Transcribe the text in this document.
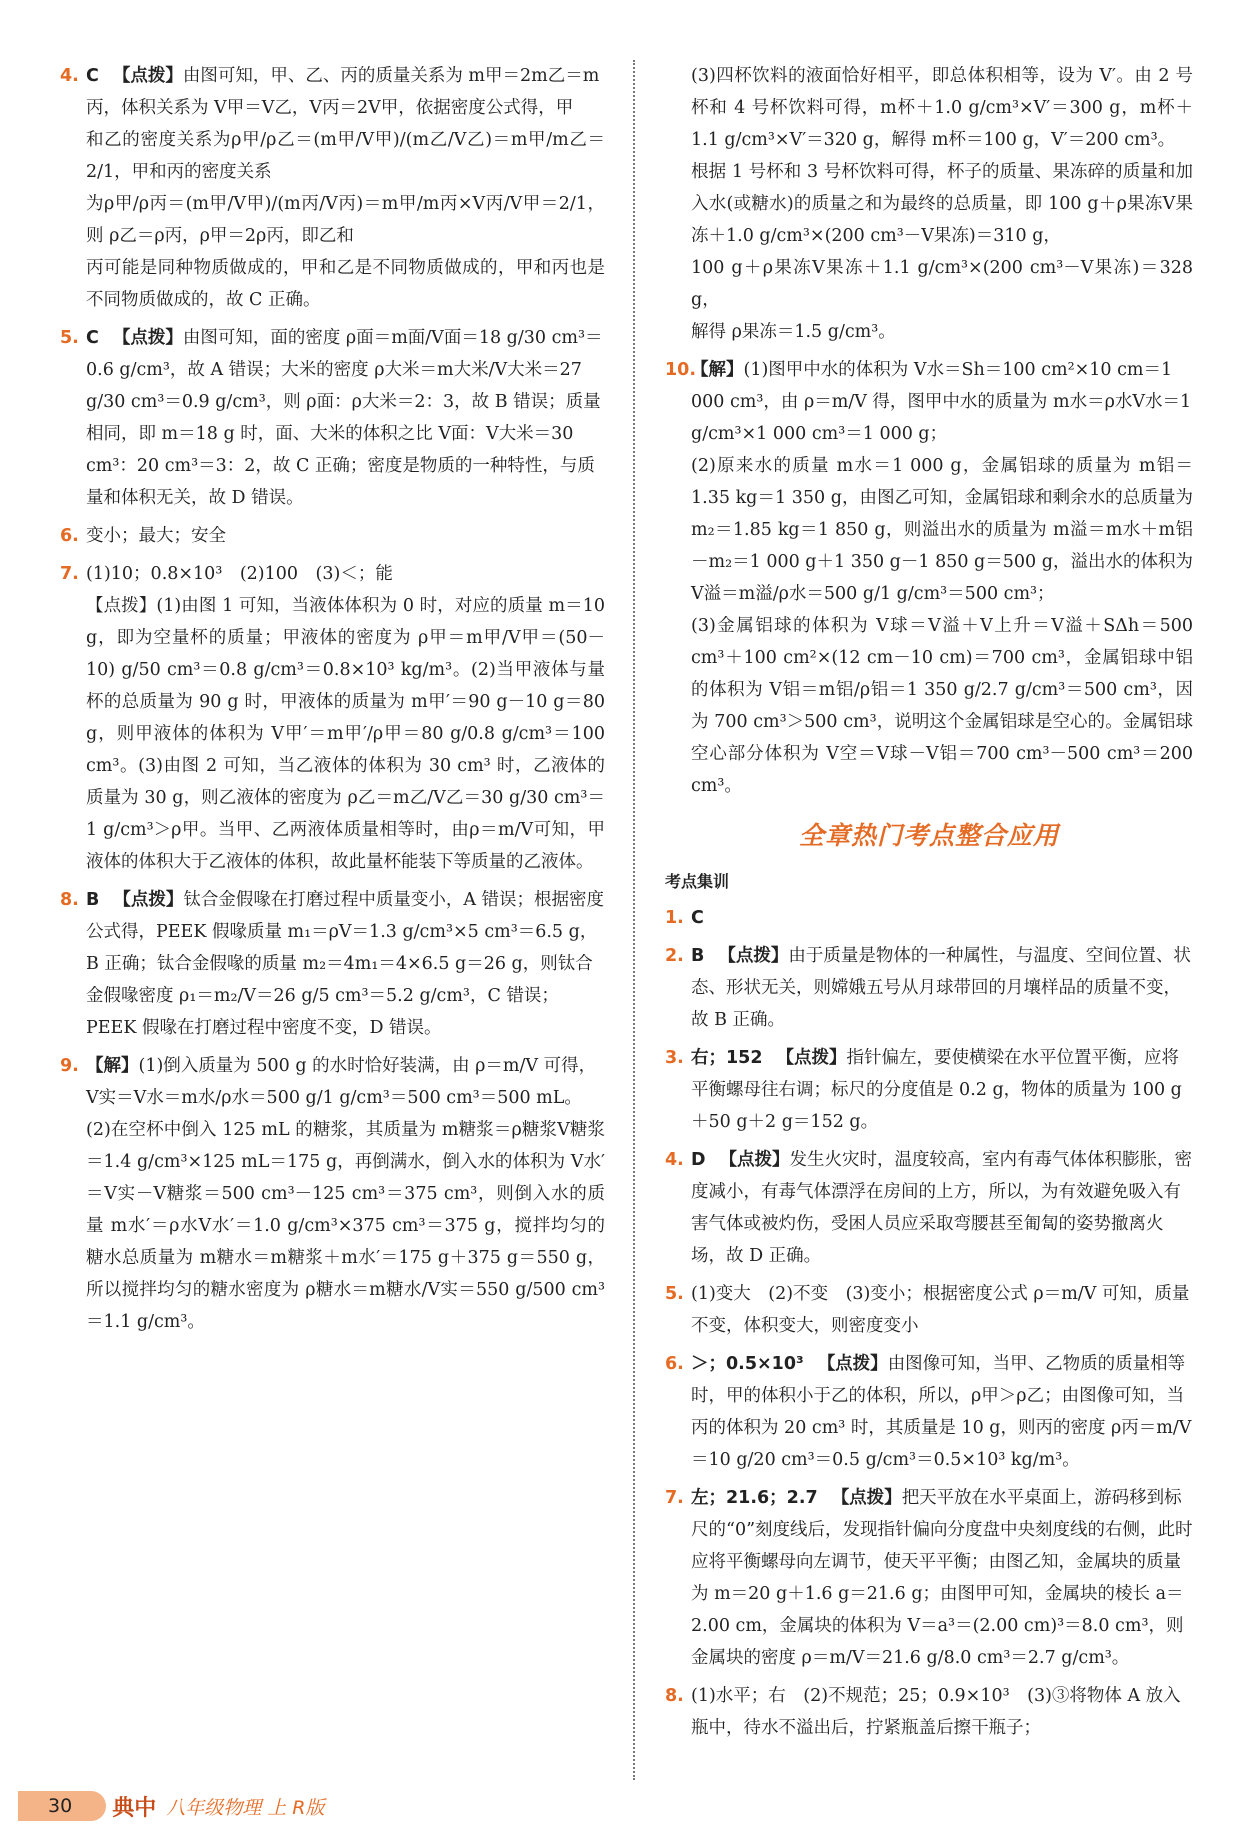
4. C 【点拨】由图可知，甲、乙、丙的质量关系为 m甲＝2m乙＝m丙，体积关系为 V甲＝V乙，V丙＝2V甲，依据密度公式得，甲
和乙的密度关系为ρ甲/ρ乙＝(m甲/V甲)/(m乙/V乙)＝m甲/m乙＝2/1，甲和丙的密度关系
为ρ甲/ρ丙＝(m甲/V甲)/(m丙/V丙)＝m甲/m丙×V丙/V甲＝2/1，则 ρ乙＝ρ丙，ρ甲＝2ρ丙，即乙和
丙可能是同种物质做成的，甲和乙是不同物质做成的，甲和丙也是不同物质做成的，故 C 正确。
5. C 【点拨】由图可知，面的密度 ρ面＝m面/V面＝18 g/30 cm³＝0.6 g/cm³，故 A 错误；大米的密度 ρ大米＝m大米/V大米＝27 g/30 cm³＝0.9 g/cm³，则 ρ面：ρ大米＝2：3，故 B 错误；质量相同，即 m＝18 g 时，面、大米的体积之比 V面：V大米＝30 cm³：20 cm³＝3：2，故 C 正确；密度是物质的一种特性，与质量和体积无关，故 D 错误。
6. 变小；最大；安全
7. (1)10；0.8×10³　(2)100　(3)＜；能
【点拨】(1)由图 1 可知，当液体体积为 0 时，对应的质量 m＝10 g，即为空量杯的质量；甲液体的密度为 ρ甲＝m甲/V甲＝(50－10) g/50 cm³＝0.8 g/cm³＝0.8×10³ kg/m³。(2)当甲液体与量杯的总质量为 90 g 时，甲液体的质量为 m甲′＝90 g－10 g＝80 g，则甲液体的体积为 V甲′＝m甲′/ρ甲＝80 g/0.8 g/cm³＝100 cm³。(3)由图 2 可知，当乙液体的体积为 30 cm³ 时，乙液体的质量为 30 g，则乙液体的密度为 ρ乙＝m乙/V乙＝30 g/30 cm³＝1 g/cm³＞ρ甲。当甲、乙两液体质量相等时，由ρ＝m/V可知，甲液体的体积大于乙液体的体积，故此量杯能装下等质量的乙液体。
8. B 【点拨】钛合金假喙在打磨过程中质量变小，A 错误；根据密度公式得，PEEK 假喙质量 m₁＝ρV＝1.3 g/cm³×5 cm³＝6.5 g，B 正确；钛合金假喙的质量 m₂＝4m₁＝4×6.5 g＝26 g，则钛合金假喙密度 ρ₁＝m₂/V＝26 g/5 cm³＝5.2 g/cm³，C 错误；PEEK 假喙在打磨过程中密度不变，D 错误。
9. 【解】(1)倒入质量为 500 g 的水时恰好装满，由 ρ＝m/V 可得，V实＝V水＝m水/ρ水＝500 g/1 g/cm³＝500 cm³＝500 mL。
(2)在空杯中倒入 125 mL 的糖浆，其质量为 m糖浆＝ρ糖浆V糖浆＝1.4 g/cm³×125 mL＝175 g，再倒满水，倒入水的体积为 V水′＝V实－V糖浆＝500 cm³－125 cm³＝375 cm³，则倒入水的质量 m水′＝ρ水V水′＝1.0 g/cm³×375 cm³＝375 g，搅拌均匀的糖水总质量为 m糖水＝m糖浆＋m水′＝175 g＋375 g＝550 g，所以搅拌均匀的糖水密度为 ρ糖水＝m糖水/V实＝550 g/500 cm³＝1.1 g/cm³。
(3)四杯饮料的液面恰好相平，即总体积相等，设为 V′。由 2 号杯和 4 号杯饮料可得，m杯＋1.0 g/cm³×V′＝300 g，m杯＋1.1 g/cm³×V′＝320 g，解得 m杯＝100 g，V′＝200 cm³。
根据 1 号杯和 3 号杯饮料可得，杯子的质量、果冻碎的质量和加入水(或糖水)的质量之和为最终的总质量，即 100 g＋ρ果冻V果冻＋1.0 g/cm³×(200 cm³－V果冻)＝310 g，
100 g＋ρ果冻V果冻＋1.1 g/cm³×(200 cm³－V果冻)＝328 g，
解得 ρ果冻＝1.5 g/cm³。
10.
【解】(1)图甲中水的体积为 V水＝Sh＝100 cm²×10 cm＝1 000 cm³，由 ρ＝m/V 得，图甲中水的质量为 m水＝ρ水V水＝1 g/cm³×1 000 cm³＝1 000 g；
(2)原来水的质量 m水＝1 000 g，金属铝球的质量为 m铝＝1.35 kg＝1 350 g，由图乙可知，金属铝球和剩余水的总质量为 m₂＝1.85 kg＝1 850 g，则溢出水的质量为 m溢＝m水＋m铝－m₂＝1 000 g＋1 350 g－1 850 g＝500 g，溢出水的体积为 V溢＝m溢/ρ水＝500 g/1 g/cm³＝500 cm³；
(3)金属铝球的体积为 V球＝V溢＋V上升＝V溢＋SΔh＝500 cm³＋100 cm²×(12 cm－10 cm)＝700 cm³，金属铝球中铝的体积为 V铝＝m铝/ρ铝＝1 350 g/2.7 g/cm³＝500 cm³，因为 700 cm³＞500 cm³，说明这个金属铝球是空心的。金属铝球空心部分体积为 V空＝V球－V铝＝700 cm³－500 cm³＝200 cm³。
全章热门考点整合应用
考点集训
1. C
2. B 【点拨】由于质量是物体的一种属性，与温度、空间位置、状态、形状无关，则嫦娥五号从月球带回的月壤样品的质量不变，故 B 正确。
3. 右；152 【点拨】指针偏左，要使横梁在水平位置平衡，应将平衡螺母往右调；标尺的分度值是 0.2 g，物体的质量为 100 g＋50 g＋2 g＝152 g。
4. D 【点拨】发生火灾时，温度较高，室内有毒气体体积膨胀，密度减小，有毒气体漂浮在房间的上方，所以，为有效避免吸入有害气体或被灼伤，受困人员应采取弯腰甚至匍匐的姿势撤离火场，故 D 正确。
5. (1)变大　(2)不变　(3)变小；根据密度公式 ρ＝m/V 可知，质量不变，体积变大，则密度变小
6. ＞；0.5×10³ 【点拨】由图像可知，当甲、乙物质的质量相等时，甲的体积小于乙的体积，所以，ρ甲＞ρ乙；由图像可知，当丙的体积为 20 cm³ 时，其质量是 10 g，则丙的密度 ρ丙＝m/V＝10 g/20 cm³＝0.5 g/cm³＝0.5×10³ kg/m³。
7. 左；21.6；2.7 【点拨】把天平放在水平桌面上，游码移到标尺的“0”刻度线后，发现指针偏向分度盘中央刻度线的右侧，此时应将平衡螺母向左调节，使天平平衡；由图乙知，金属块的质量为 m＝20 g＋1.6 g＝21.6 g；由图甲可知，金属块的棱长 a＝2.00 cm，金属块的体积为 V＝a³＝(2.00 cm)³＝8.0 cm³，则金属块的密度 ρ＝m/V＝21.6 g/8.0 cm³＝2.7 g/cm³。
8. (1)水平；右　(2)不规范；25；0.9×10³　(3)③将物体 A 放入瓶中，待水不溢出后，拧紧瓶盖后擦干瓶子；
30	典中 八年级物理 上 R版
